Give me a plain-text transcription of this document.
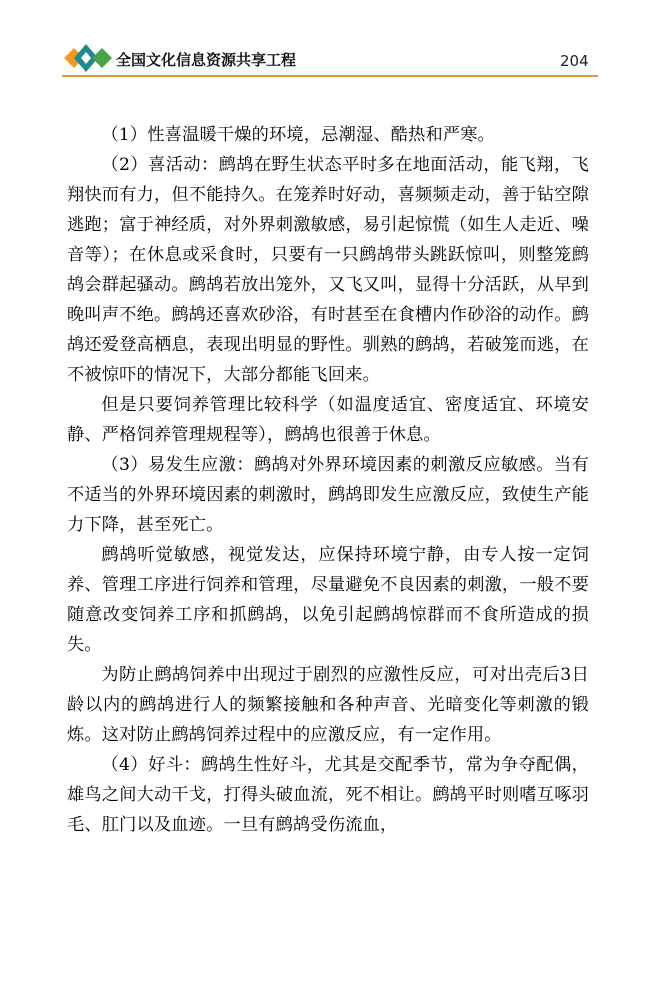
全国文化信息资源共享工程	204

（1）性喜温暖干燥的环境，忌潮湿、酷热和严寒。

（2）喜活动：鹧鸪在野生状态平时多在地面活动，能飞翔，飞翔快而有力，但不能持久。在笼养时好动，喜频频走动，善于钻空隙逃跑；富于神经质，对外界刺激敏感，易引起惊慌（如生人走近、噪音等）；在休息或采食时，只要有一只鹧鸪带头跳跃惊叫，则整笼鹧鸪会群起骚动。鹧鸪若放出笼外，又飞又叫，显得十分活跃，从早到晚叫声不绝。鹧鸪还喜欢砂浴，有时甚至在食槽内作砂浴的动作。鹧鸪还爱登高栖息，表现出明显的野性。驯熟的鹧鸪，若破笼而逃，在不被惊吓的情况下，大部分都能飞回来。

但是只要饲养管理比较科学（如温度适宜、密度适宜、环境安静、严格饲养管理规程等），鹧鸪也很善于休息。

（3）易发生应激：鹧鸪对外界环境因素的刺激反应敏感。当有不适当的外界环境因素的刺激时，鹧鸪即发生应激反应，致使生产能力下降，甚至死亡。

鹧鸪听觉敏感，视觉发达，应保持环境宁静，由专人按一定饲养、管理工序进行饲养和管理，尽量避免不良因素的刺激，一般不要随意改变饲养工序和抓鹧鸪，以免引起鹧鸪惊群而不食所造成的损失。

为防止鹧鸪饲养中出现过于剧烈的应激性反应，可对出壳后3日龄以内的鹧鸪进行人的频繁接触和各种声音、光暗变化等刺激的锻炼。这对防止鹧鸪饲养过程中的应激反应，有一定作用。

（4）好斗：鹧鸪生性好斗，尤其是交配季节，常为争夺配偶，雄鸟之间大动干戈，打得头破血流，死不相让。鹧鸪平时则嗜互啄羽毛、肛门以及血迹。一旦有鹧鸪受伤流血，
